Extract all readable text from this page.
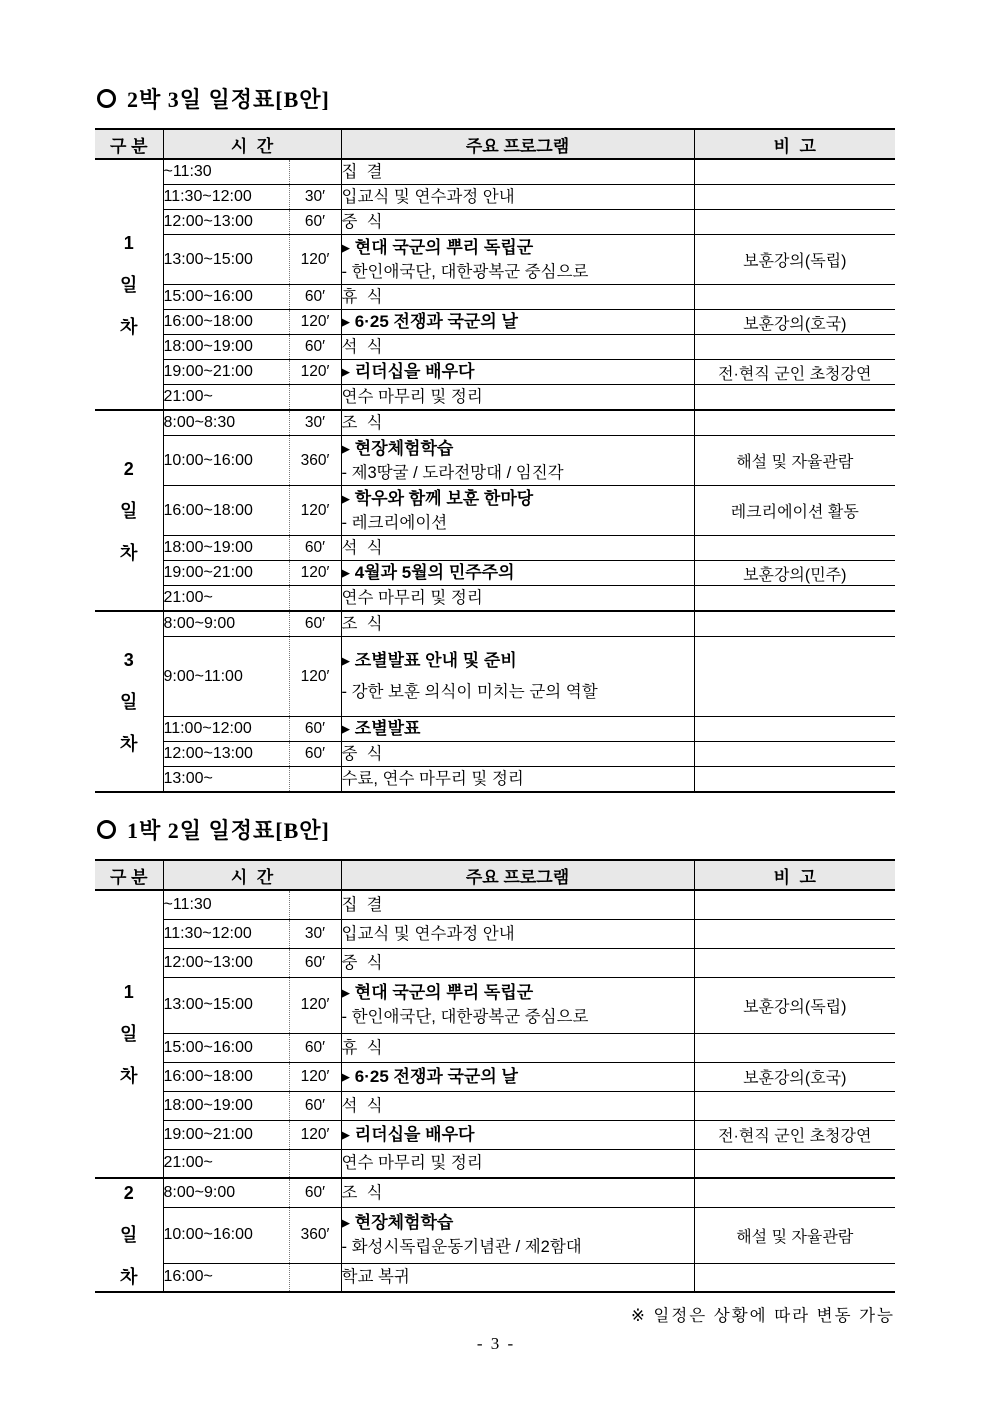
2박 3일 일정표[B안]
구 분	시  간		주요 프로그램	비  고

1
일
차	~11:30		집  결	

	11:30~12:00	30′	입교식 및 연수과정 안내	

	12:00~13:00	60′	중  식	

	13:00~15:00	120′	▸ 현대 국군의 뿌리 독립군
- 한인애국단, 대한광복군 중심으로	보훈강의(독립)
	15:00~16:00	60′	휴  식	

	16:00~18:00	120′	▸ 6·25 전쟁과 국군의 날	보훈강의(호국)
	18:00~19:00	60′	석  식	

	19:00~21:00	120′	▸ 리더십을 배우다	전·현직 군인 초청강연
	21:00~		연수 마무리 및 정리	

2
일
차	8:00~8:30	30′	조  식	

	10:00~16:00	360′	▸ 현장체험학습
- 제3땅굴 / 도라전망대 / 임진각	해설 및 자율관람
	16:00~18:00	120′	▸ 학우와 함께 보훈 한마당
- 레크리에이션	레크리에이션 활동
	18:00~19:00	60′	석  식	

	19:00~21:00	120′	▸ 4월과 5월의 민주주의	보훈강의(민주)
	21:00~		연수 마무리 및 정리	

3
일
차	8:00~9:00	60′	조  식	

	9:00~11:00	120′	▸ 조별발표 안내 및 준비
- 강한 보훈 의식이 미치는 군의 역할	

	11:00~12:00	60′	▸ 조별발표	

	12:00~13:00	60′	중  식	

	13:00~		수료, 연수 마무리 및 정리	

1박 2일 일정표[B안]
구 분	시  간		주요 프로그램	비  고

1
일
차	~11:30		집  결	

	11:30~12:00	30′	입교식 및 연수과정 안내	

	12:00~13:00	60′	중  식	

	13:00~15:00	120′	▸ 현대 국군의 뿌리 독립군
- 한인애국단, 대한광복군 중심으로	보훈강의(독립)
	15:00~16:00	60′	휴  식	

	16:00~18:00	120′	▸ 6·25 전쟁과 국군의 날	보훈강의(호국)
	18:00~19:00	60′	석  식	

	19:00~21:00	120′	▸ 리더십을 배우다	전·현직 군인 초청강연
	21:00~		연수 마무리 및 정리	

2
일
차	8:00~9:00	60′	조  식	

	10:00~16:00	360′	▸ 현장체험학습
- 화성시독립운동기념관 / 제2함대	해설 및 자율관람
	16:00~		학교 복귀	

※ 일정은 상황에 따라 변동 가능
- 3 -
